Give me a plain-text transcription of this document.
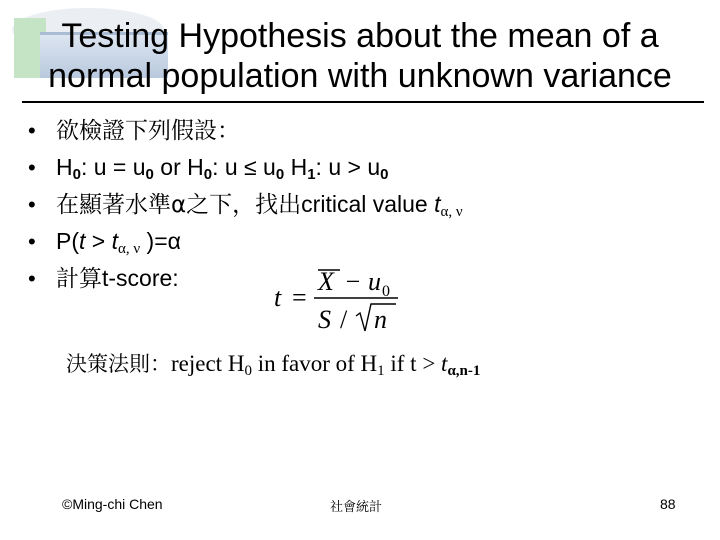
Testing Hypothesis about the mean of a
normal population with unknown variance
• 欲檢證下列假設：
• $H_0$: $u = u_0$ or $H_0$: $u \le u_0$ $H_1$: $u > u_0$
• 在顯著水準α之下，找出critical value $t_{\alpha, \nu}$
• $P(t > t_{\alpha, \nu}$ )=α
• 計算t-score:
t =
X − u 0
S / n
決策法則：reject $H_0$ in favor of $H_1$ if $t > t_{\alpha,n-1}$
©Ming-chi Chen	社會統計	88
